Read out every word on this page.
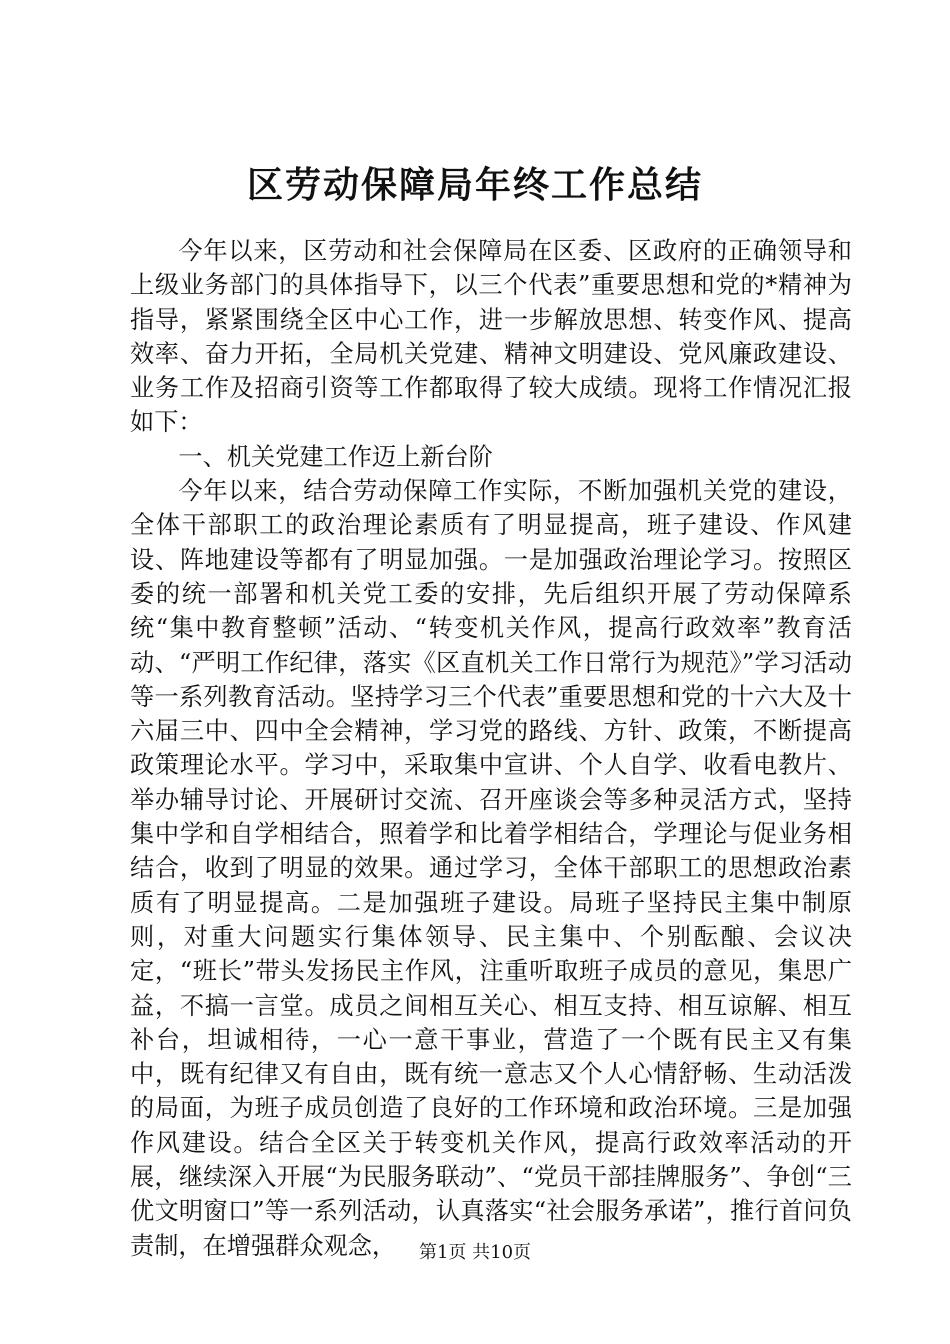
区劳动保障局年终工作总结

今年以来，区劳动和社会保障局在区委、区政府的正确领导和上级业务部门的具体指导下，以三个代表”重要思想和党的*精神为指导，紧紧围绕全区中心工作，进一步解放思想、转变作风、提高效率、奋力开拓，全局机关党建、精神文明建设、党风廉政建设、业务工作及招商引资等工作都取得了较大成绩。现将工作情况汇报如下：

一、机关党建工作迈上新台阶

今年以来，结合劳动保障工作实际，不断加强机关党的建设，全体干部职工的政治理论素质有了明显提高，班子建设、作风建设、阵地建设等都有了明显加强。一是加强政治理论学习。按照区委的统一部署和机关党工委的安排，先后组织开展了劳动保障系统“集中教育整顿”活动、“转变机关作风，提高行政效率”教育活动、“严明工作纪律，落实《区直机关工作日常行为规范》”学习活动等一系列教育活动。坚持学习三个代表”重要思想和党的十六大及十六届三中、四中全会精神，学习党的路线、方针、政策，不断提高政策理论水平。学习中，采取集中宣讲、个人自学、收看电教片、举办辅导讨论、开展研讨交流、召开座谈会等多种灵活方式，坚持集中学和自学相结合，照着学和比着学相结合，学理论与促业务相结合，收到了明显的效果。通过学习，全体干部职工的思想政治素质有了明显提高。二是加强班子建设。局班子坚持民主集中制原则，对重大问题实行集体领导、民主集中、个别酝酿、会议决定，“班长”带头发扬民主作风，注重听取班子成员的意见，集思广益，不搞一言堂。成员之间相互关心、相互支持、相互谅解、相互补台，坦诚相待，一心一意干事业，营造了一个既有民主又有集中，既有纪律又有自由，既有统一意志又个人心情舒畅、生动活泼的局面，为班子成员创造了良好的工作环境和政治环境。三是加强作风建设。结合全区关于转变机关作风，提高行政效率活动的开展，继续深入开展“为民服务联动”、“党员干部挂牌服务”、争创“三优文明窗口”等一系列活动，认真落实“社会服务承诺”，推行首问负责制，在增强群众观念，	第1页 共10页
